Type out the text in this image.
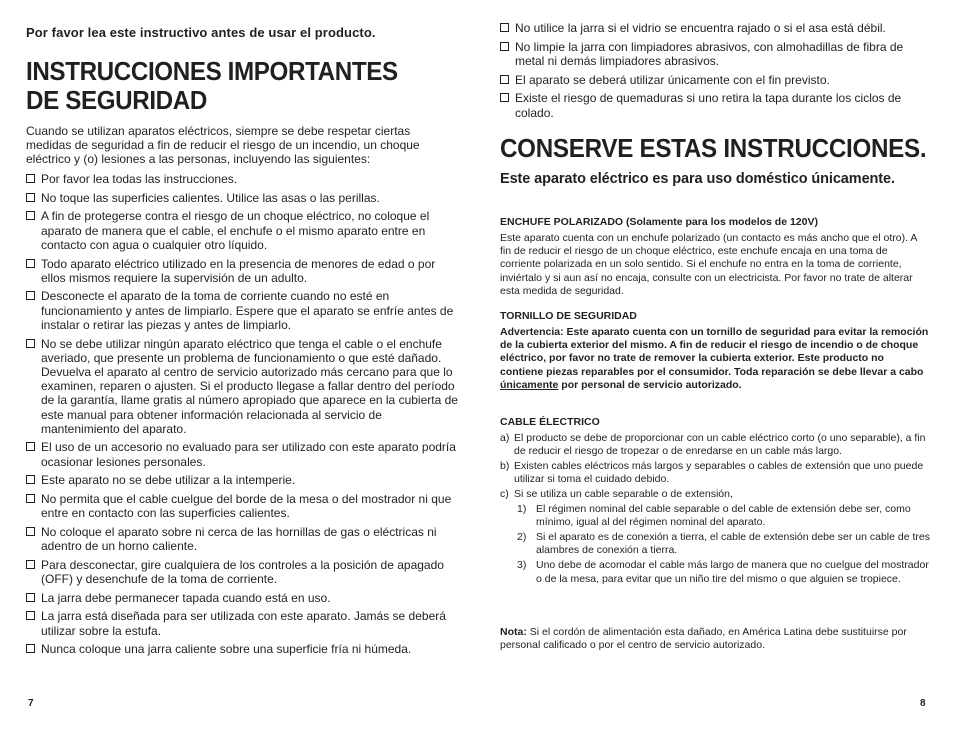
Por favor lea este instructivo antes de usar el producto.
INSTRUCCIONES IMPORTANTES
DE SEGURIDAD

Cuando se utilizan aparatos eléctricos, siempre se debe respetar ciertas medidas de seguridad a fin de reducir el riesgo de un incendio, un choque eléctrico y (o) lesiones a las personas, incluyendo las siguientes:

Por favor lea todas las instrucciones.
No toque las superficies calientes. Utilice las asas o las perillas.
A fin de protegerse contra el riesgo de un choque eléctrico, no coloque el aparato de manera que el cable, el enchufe o el mismo aparato entre en contacto con agua o cualquier otro líquido.
Todo aparato eléctrico utilizado en la presencia de menores de edad o por ellos mismos requiere la supervisión de un adulto.
Desconecte el aparato de la toma de corriente cuando no esté en funcionamiento y antes de limpiarlo. Espere que el aparato se enfríe antes de instalar o retirar las piezas y antes de limpiarlo.
No se debe utilizar ningún aparato eléctrico que tenga el cable o el enchufe averiado, que presente un problema de funcionamiento o que esté dañado. Devuelva el aparato al centro de servicio autorizado más cercano para que lo examinen, reparen o ajusten. Si el producto llegase a fallar dentro del período de la garantía, llame gratis al número apropiado que aparece en la cubierta de este manual para obtener información relacionada al servicio de mantenimiento del aparato.
El uso de un accesorio no evaluado para ser utilizado con este aparato podría ocasionar lesiones personales.
Este aparato no se debe utilizar a la intemperie.
No permita que el cable cuelgue del borde de la mesa o del mostrador ni que entre en contacto con las superficies calientes.
No coloque el aparato sobre ni cerca de las hornillas de gas o eléctricas ni adentro de un horno caliente.
Para desconectar, gire cualquiera de los controles a la posición de apagado (OFF) y desenchufe de la toma de corriente.
La jarra debe permanecer tapada cuando está en uso.
La jarra está diseñada para ser utilizada con este aparato. Jamás se deberá utilizar sobre la estufa.
Nunca coloque una jarra caliente sobre una superficie fría ni húmeda.
7
No utilice la jarra si el vidrio se encuentra rajado o si el asa está débil.
No limpie la jarra con limpiadores abrasivos, con almohadillas de fibra de metal ni demás limpiadores abrasivos.
El aparato se deberá utilizar únicamente con el fin previsto.
Existe el riesgo de quemaduras si uno retira la tapa durante los ciclos de colado.
CONSERVE ESTAS INSTRUCCIONES.
Este aparato eléctrico es para uso doméstico únicamente.
ENCHUFE POLARIZADO (Solamente para los modelos de 120V)

Este aparato cuenta con un enchufe polarizado (un contacto es más ancho que el otro). A fin de reducir el riesgo de un choque eléctrico, este enchufe encaja en una toma de corriente polarizada en un solo sentido. Si el enchufe no entra en la toma de corriente, inviértalo y si aun así no encaja, consulte con un electricista. Por favor no trate de alterar esta medida de seguridad.

TORNILLO DE SEGURIDAD

Advertencia: Este aparato cuenta con un tornillo de seguridad para evitar la remoción de la cubierta exterior del mismo. A fin de reducir el riesgo de incendio o de choque eléctrico, por favor no trate de remover la cubierta exterior. Este producto no contiene piezas reparables por el consumidor. Toda reparación se debe llevar a cabo únicamente por personal de servicio autorizado.

CABLE ÉLECTRICO
a) El producto se debe de proporcionar con un cable eléctrico corto (o uno separable), a fin de reducir el riesgo de tropezar o de enredarse en un cable más largo.
b) Existen cables eléctricos más largos y separables o cables de extensión que uno puede utilizar si toma el cuidado debido.
c) Si se utiliza un cable separable o de extensión,
1) El régimen nominal del cable separable o del cable de extensión debe ser, como mínimo, igual al del régimen nominal del aparato.
2) Si el aparato es de conexión a tierra, el cable de extensión debe ser un cable de tres alambres de conexión a tierra.
3) Uno debe de acomodar el cable más largo de manera que no cuelgue del mostrador o de la mesa, para evitar que un niño tire del mismo o que alguien se tropiece.

Nota: Si el cordón de alimentación esta dañado, en América Latina debe sustituirse por personal calificado o por el centro de servicio autorizado.

8
